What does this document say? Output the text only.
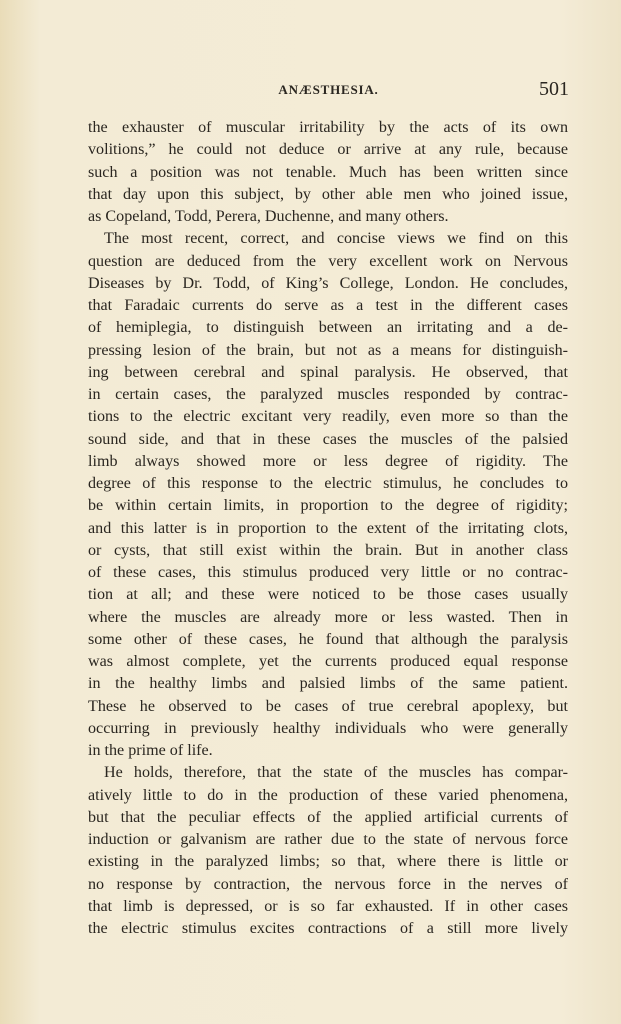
ANÆSTHESIA.	501
the exhauster of muscular irritability by the acts of its own
volitions,” he could not deduce or arrive at any rule, because
such a position was not tenable. Much has been written since
that day upon this subject, by other able men who joined issue,
as Copeland, Todd, Perera, Duchenne, and many others.
The most recent, correct, and concise views we find on this
question are deduced from the very excellent work on Nervous
Diseases by Dr. Todd, of King’s College, London. He concludes,
that Faradaic currents do serve as a test in the different cases
of hemiplegia, to distinguish between an irritating and a de-
pressing lesion of the brain, but not as a means for distinguish-
ing between cerebral and spinal paralysis. He observed, that
in certain cases, the paralyzed muscles responded by contrac-
tions to the electric excitant very readily, even more so than the
sound side, and that in these cases the muscles of the palsied
limb always showed more or less degree of rigidity. The
degree of this response to the electric stimulus, he concludes to
be within certain limits, in proportion to the degree of rigidity;
and this latter is in proportion to the extent of the irritating clots,
or cysts, that still exist within the brain. But in another class
of these cases, this stimulus produced very little or no contrac-
tion at all; and these were noticed to be those cases usually
where the muscles are already more or less wasted. Then in
some other of these cases, he found that although the paralysis
was almost complete, yet the currents produced equal response
in the healthy limbs and palsied limbs of the same patient.
These he observed to be cases of true cerebral apoplexy, but
occurring in previously healthy individuals who were generally
in the prime of life.
He holds, therefore, that the state of the muscles has compar-
atively little to do in the production of these varied phenomena,
but that the peculiar effects of the applied artificial currents of
induction or galvanism are rather due to the state of nervous force
existing in the paralyzed limbs; so that, where there is little or
no response by contraction, the nervous force in the nerves of
that limb is depressed, or is so far exhausted. If in other cases
the electric stimulus excites contractions of a still more lively
